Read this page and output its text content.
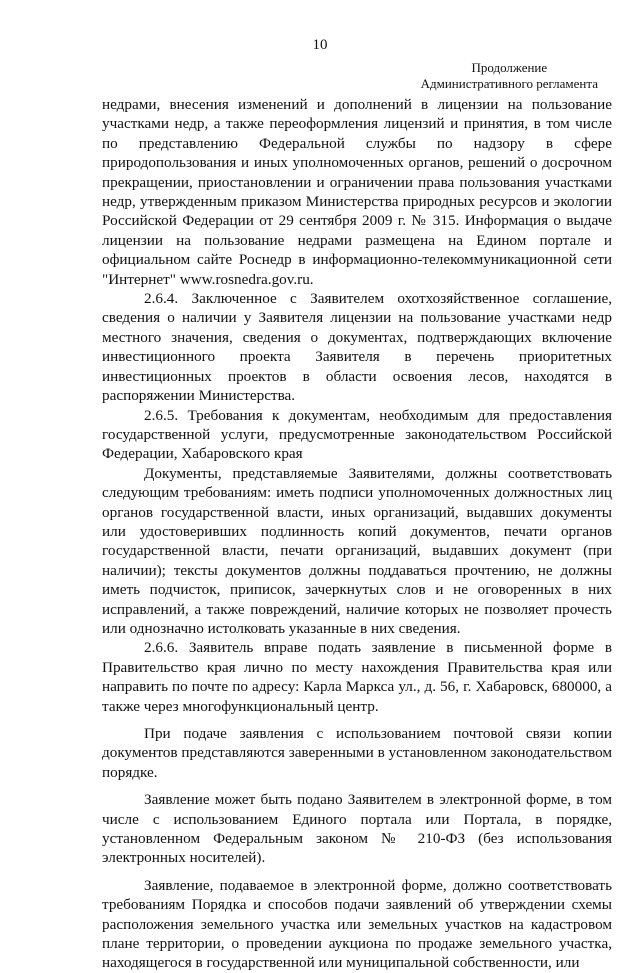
10
Продолжение
Административного регламента

недрами, внесения изменений и дополнений в лицензии на пользование участками недр, а также переоформления лицензий и принятия, в том числе по представлению Федеральной службы по надзору в сфере природопользования и иных уполномоченных органов, решений о досрочном прекращении, приостановлении и ограничении права пользования участками недр, утвержденным приказом Министерства природных ресурсов и экологии Российской Федерации от 29 сентября 2009 г. № 315. Информация о выдаче лицензии на пользование недрами размещена на Едином портале и официальном сайте Роснедр в информационно-телекоммуникационной сети "Интернет" www.rosnedra.gov.ru.

2.6.4. Заключенное с Заявителем охотхозяйственное соглашение, сведения о наличии у Заявителя лицензии на пользование участками недр местного значения, сведения о документах, подтверждающих включение инвестиционного проекта Заявителя в перечень приоритетных инвестиционных проектов в области освоения лесов, находятся в распоряжении Министерства.

2.6.5. Требования к документам, необходимым для предоставления государственной услуги, предусмотренные законодательством Российской Федерации, Хабаровского края

Документы, представляемые Заявителями, должны соответствовать следующим требованиям: иметь подписи уполномоченных должностных лиц органов государственной власти, иных организаций, выдавших документы или удостоверивших подлинность копий документов, печати органов государственной власти, печати организаций, выдавших документ (при наличии); тексты документов должны поддаваться прочтению, не должны иметь подчисток, приписок, зачеркнутых слов и не оговоренных в них исправлений, а также повреждений, наличие которых не позволяет прочесть или однозначно истолковать указанные в них сведения.

2.6.6. Заявитель вправе подать заявление в письменной форме в Правительство края лично по месту нахождения Правительства края или направить по почте по адресу: Карла Маркса ул., д. 56, г. Хабаровск, 680000, а также через многофункциональный центр.

При подаче заявления с использованием почтовой связи копии документов представляются заверенными в установленном законодательством порядке.

Заявление может быть подано Заявителем в электронной форме, в том числе с использованием Единого портала или Портала, в порядке, установленном Федеральным законом № 210-ФЗ (без использования электронных носителей).

Заявление, подаваемое в электронной форме, должно соответствовать требованиям Порядка и способов подачи заявлений об утверждении схемы расположения земельного участка или земельных участков на кадастровом плане территории, о проведении аукциона по продаже земельного участка, находящегося в государственной или муниципальной собственности, или
